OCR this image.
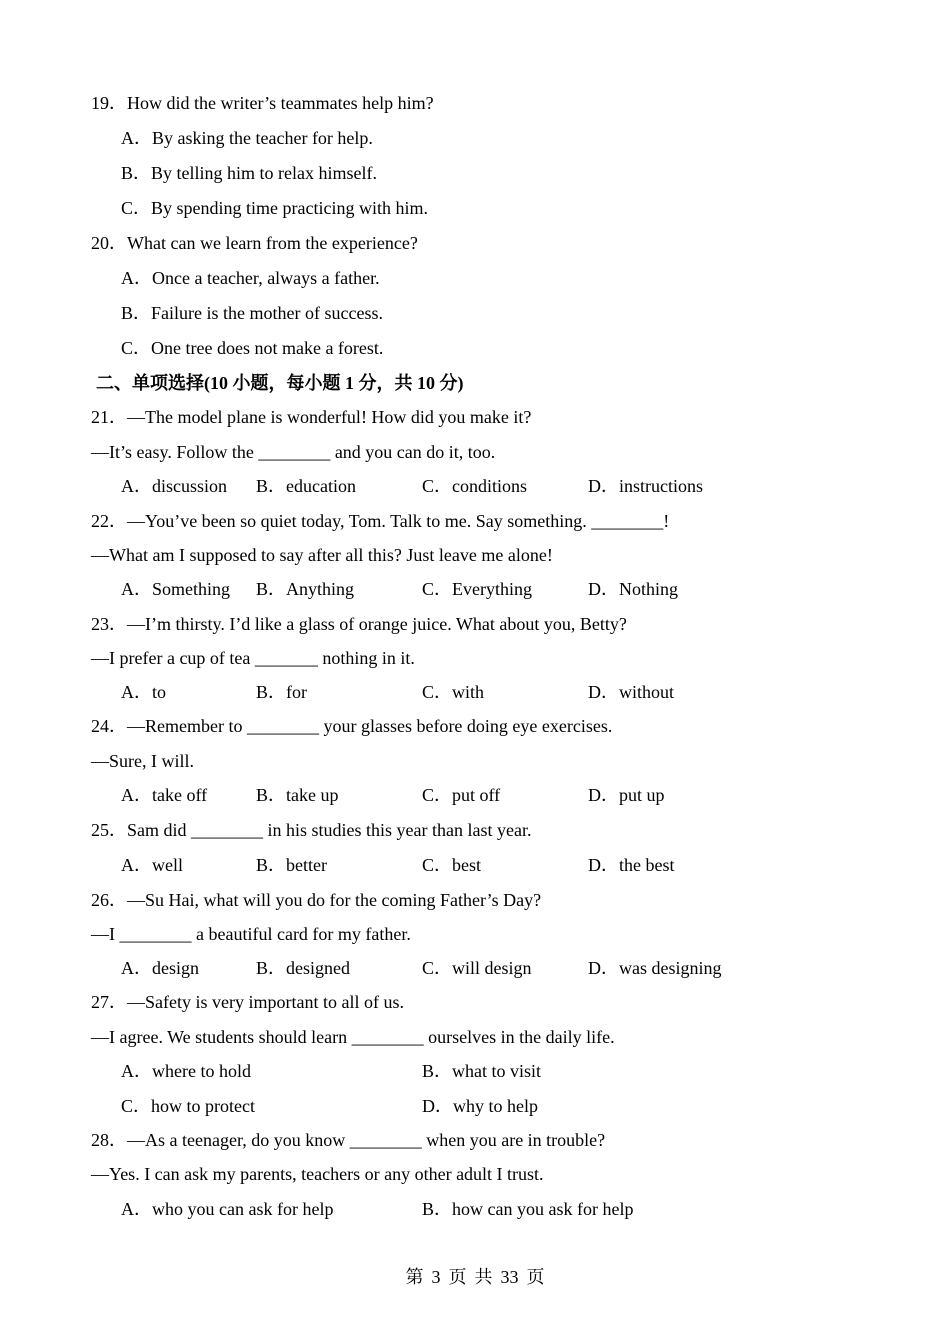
19．How did the writer’s teammates help him?
A．By asking the teacher for help.
B．By telling him to relax himself.
C．By spending time practicing with him.
20．What can we learn from the experience?
A．Once a teacher, always a father.
B．Failure is the mother of success.
C．One tree does not make a forest.
二、单项选择(10 小题，每小题 1 分，共 10 分)
21．—The model plane is wonderful! How did you make it?
—It’s easy. Follow the ________ and you can do it, too.
A．discussion B．education	C．conditions	D．instructions
22．—You’ve been so quiet today, Tom. Talk to me. Say something. ________!
—What am I supposed to say after all this? Just leave me alone!
A．Something B．Anything	C．Everything	D．Nothing
23．—I’m thirsty. I’d like a glass of orange juice. What about you, Betty?
—I prefer a cup of tea _______ nothing in it.
A．to	B．for	C．with	D．without
24．—Remember to ________ your glasses before doing eye exercises.
—Sure, I will.
A．take off	B．take up	C．put off	D．put up
25．Sam did ________ in his studies this year than last year.
A．well	B．better	C．best	D．the best
26．—Su Hai, what will you do for the coming Father’s Day?
—I ________ a beautiful card for my father.
A．design	B．designed	C．will design	D．was designing
27．—Safety is very important to all of us.
—I agree. We students should learn ________ ourselves in the daily life.
A．where to hold	B．what to visit
C．how to protect	D．why to help
28．—As a teenager, do you know ________ when you are in trouble?
—Yes. I can ask my parents, teachers or any other adult I trust.
A．who you can ask for help	B．how can you ask for help
第 3 页 共 33 页
